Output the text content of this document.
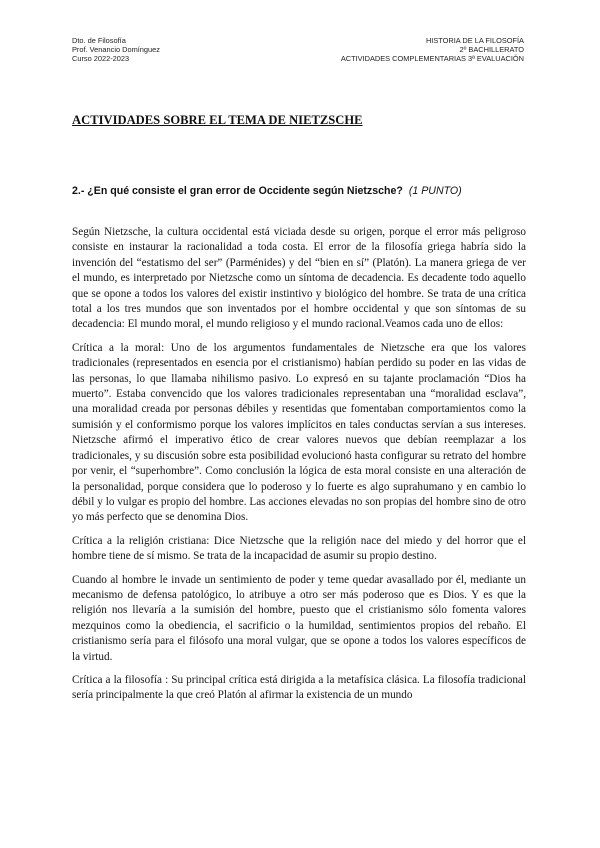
Dto. de Filosofía
Prof. Venancio Domínguez
Curso 2022-2023
HISTORIA DE LA FILOSOFÍA
2º BACHILLERATO
ACTIVIDADES COMPLEMENTARIAS 3ª EVALUACIÓN
ACTIVIDADES SOBRE EL TEMA DE NIETZSCHE
2.- ¿En qué consiste el gran error de Occidente según Nietzsche? (1 PUNTO)

Según Nietzsche, la cultura occidental está viciada desde su origen, porque el error más peligroso consiste en instaurar la racionalidad a toda costa. El error de la filosofía griega habría sido la invención del “estatismo del ser” (Parménides) y del “bien en sí” (Platón). La manera griega de ver el mundo, es interpretado por Nietzsche como un síntoma de decadencia. Es decadente todo aquello que se opone a todos los valores del existir instintivo y biológico del hombre. Se trata de una crítica total a los tres mundos que son inventados por el hombre occidental y que son síntomas de su decadencia: El mundo moral, el mundo religioso y el mundo racional.Veamos cada uno de ellos:

Crítica a la moral: Uno de los argumentos fundamentales de Nietzsche era que los valores tradicionales (representados en esencia por el cristianismo) habían perdido su poder en las vidas de las personas, lo que llamaba nihilismo pasivo. Lo expresó en su tajante proclamación “Dios ha muerto”. Estaba convencido que los valores tradicionales representaban una “moralidad esclava”, una moralidad creada por personas débiles y resentidas que fomentaban comportamientos como la sumisión y el conformismo porque los valores implícitos en tales conductas servían a sus intereses. Nietzsche afirmó el imperativo ético de crear valores nuevos que debían reemplazar a los tradicionales, y su discusión sobre esta posibilidad evolucionó hasta configurar su retrato del hombre por venir, el “superhombre”. Como conclusión la lógica de esta moral consiste en una alteración de la personalidad, porque considera que lo poderoso y lo fuerte es algo suprahumano y en cambio lo débil y lo vulgar es propio del hombre. Las acciones elevadas no son propias del hombre sino de otro yo más perfecto que se denomina Dios.

Crítica a la religión cristiana: Dice Nietzsche que la religión nace del miedo y del horror que el hombre tiene de sí mismo. Se trata de la incapacidad de asumir su propio destino.

Cuando al hombre le invade un sentimiento de poder y teme quedar avasallado por él, mediante un mecanismo de defensa patológico, lo atribuye a otro ser más poderoso que es Dios. Y es que la religión nos llevaría a la sumisión del hombre, puesto que el cristianismo sólo fomenta valores mezquinos como la obediencia, el sacrificio o la humildad, sentimientos propios del rebaño. El cristianismo sería para el filósofo una moral vulgar, que se opone a todos los valores específicos de la virtud.

Crítica a la filosofía : Su principal crítica está dirigida a la metafísica clásica. La filosofía tradicional sería principalmente la que creó Platón al afirmar la existencia de un mundo
